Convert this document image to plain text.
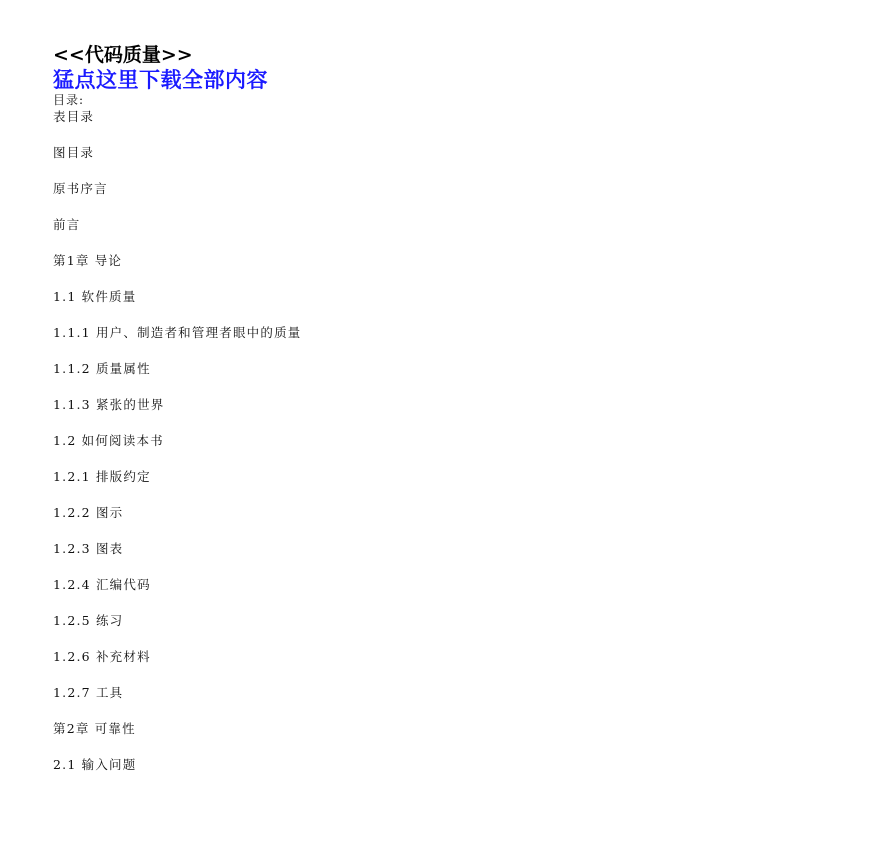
<<代码质量>>
猛点这里下载全部内容
目录:
表目录
图目录
原书序言
前言
第1章 导论
1.1 软件质量
1.1.1 用户、制造者和管理者眼中的质量
1.1.2 质量属性
1.1.3 紧张的世界
1.2 如何阅读本书
1.2.1 排版约定
1.2.2 图示
1.2.3 图表
1.2.4 汇编代码
1.2.5 练习
1.2.6 补充材料
1.2.7 工具
第2章 可靠性
2.1 输入问题
